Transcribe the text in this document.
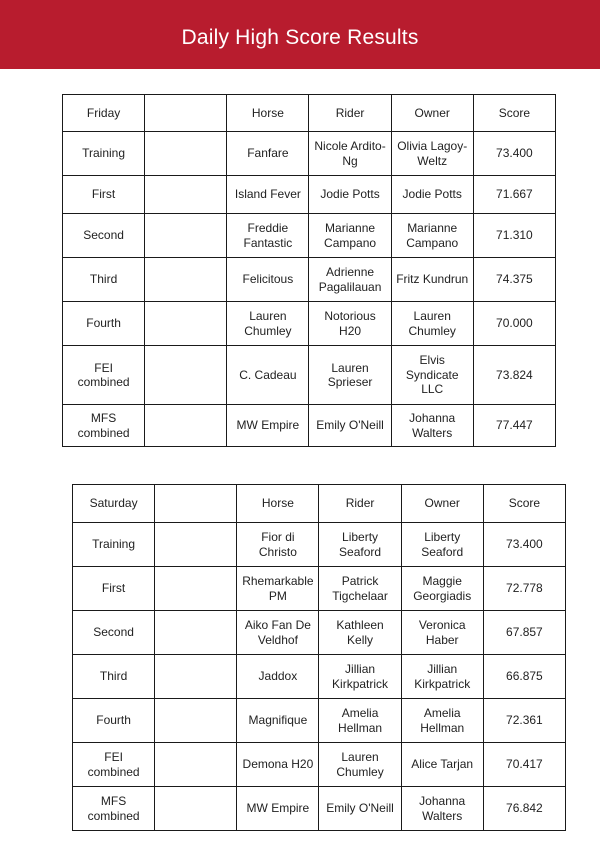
Daily High Score Results
Friday		Horse	Rider	Owner	Score
Training		Fanfare	Nicole Ardito-Ng	Olivia Lagoy-Weltz	73.400
First		Island Fever	Jodie Potts	Jodie Potts	71.667
Second		Freddie Fantastic	Marianne Campano	Marianne Campano	71.310
Third		Felicitous	Adrienne Pagalilauan	Fritz Kundrun	74.375
Fourth		Lauren Chumley	Notorious H20	Lauren Chumley	70.000
FEI combined		C. Cadeau	Lauren Sprieser	Elvis Syndicate LLC	73.824
MFS combined		MW Empire	Emily O'Neill	Johanna Walters	77.447
Saturday		Horse	Rider	Owner	Score
Training		Fior di Christo	Liberty Seaford	Liberty Seaford	73.400
First		Rhemarkable PM	Patrick Tigchelaar	Maggie Georgiadis	72.778
Second		Aiko Fan De Veldhof	Kathleen Kelly	Veronica Haber	67.857
Third		Jaddox	Jillian Kirkpatrick	Jillian Kirkpatrick	66.875
Fourth		Magnifique	Amelia Hellman	Amelia Hellman	72.361
FEI combined		Demona H20	Lauren Chumley	Alice Tarjan	70.417
MFS combined		MW Empire	Emily O'Neill	Johanna Walters	76.842
